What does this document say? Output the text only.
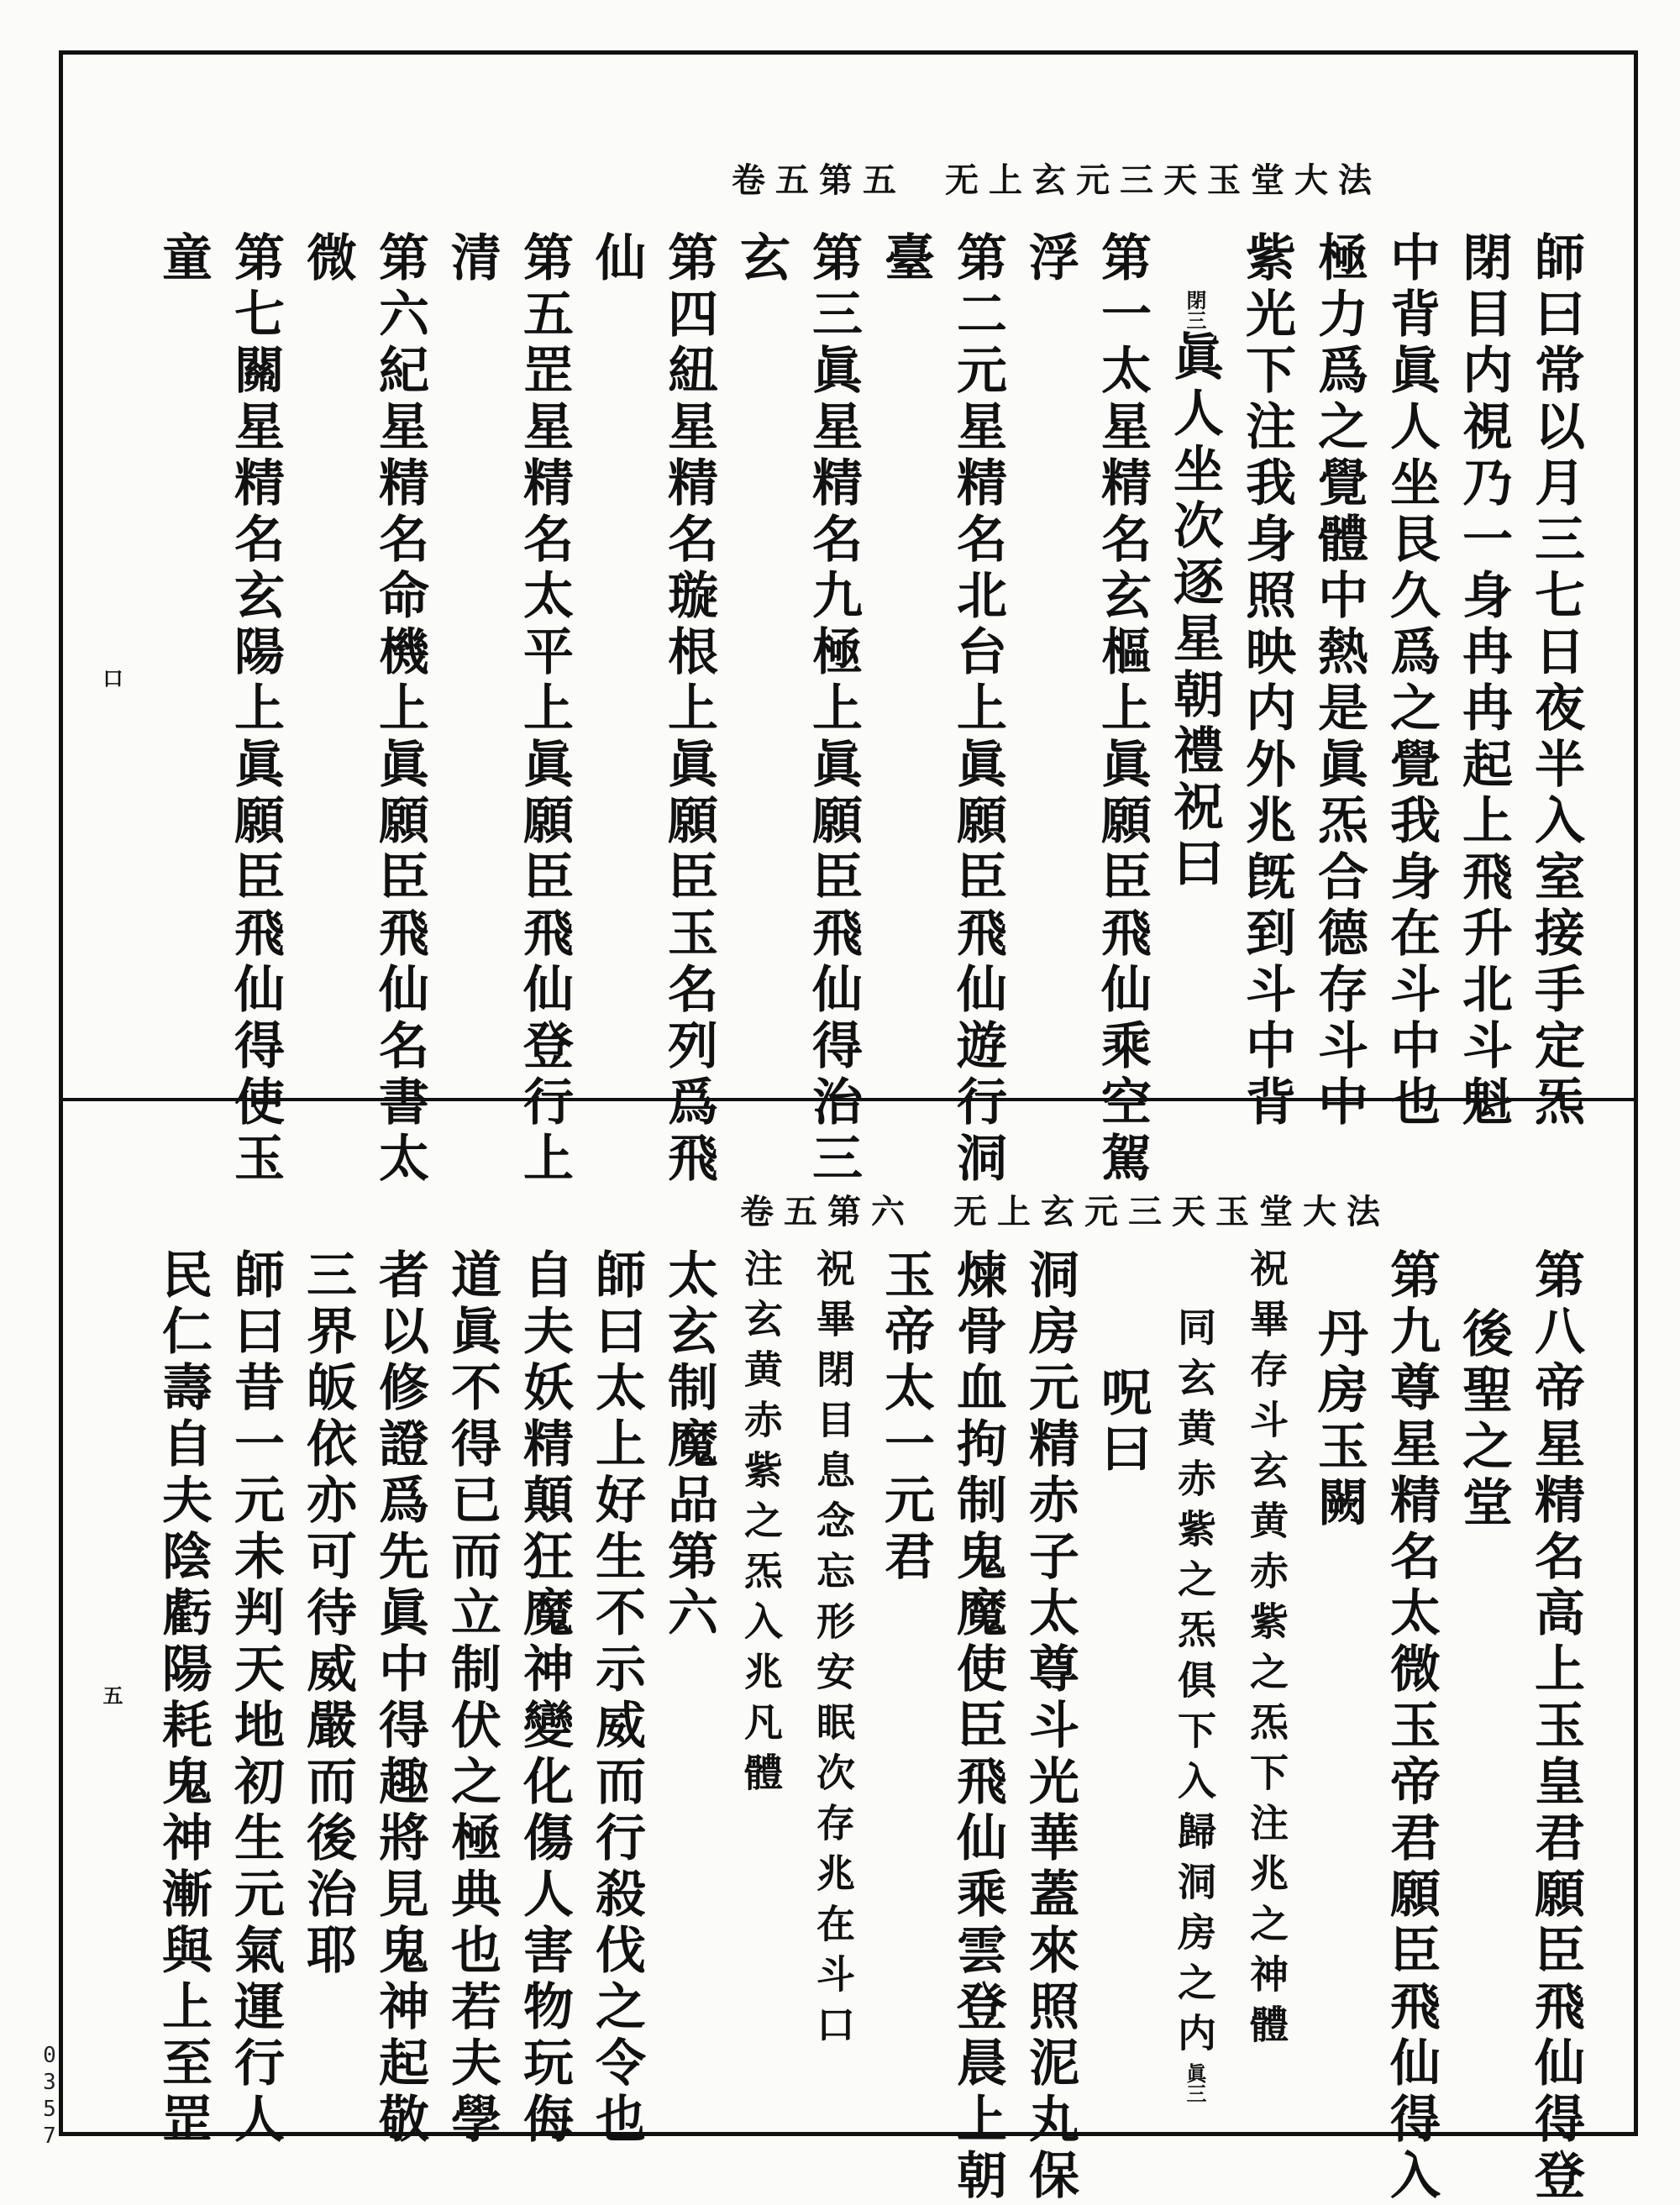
无上玄元三天玉堂大法
卷五第五
師曰常以月三七日夜半入室接手定炁
閉目内視乃一身冉冉起上飛升北斗魁
中背眞人坐艮久爲之覺我身在斗中也
極力爲之覺體中熱是眞炁合德存斗中
紫光下注我身照映内外兆旣到斗中背
閉三眞人坐次逐星朝禮祝曰
第一太星精名玄樞上眞願臣飛仙乘空駕
浮
第二元星精名北台上眞願臣飛仙遊行洞
臺
第三眞星精名九極上眞願臣飛仙得治三
玄
第四紐星精名璇根上眞願臣玉名列爲飛
仙
第五罡星精名太平上眞願臣飛仙登行上
清
第六紀星精名命機上眞願臣飛仙名書太
微
第七關星精名玄陽上眞願臣飛仙得使玉
童
口
无上玄元三天玉堂大法
卷五第六
第八帝星精名高上玉皇君願臣飛仙得登
後聖之堂
第九尊星精名太微玉帝君願臣飛仙得入
丹房玉闕
祝畢存斗玄黄赤紫之炁下注兆之神體
同玄黄赤紫之炁俱下入歸洞房之内眞三
呪曰
洞房元精赤子太尊斗光華蓋來照泥丸保
煉骨血拘制鬼魔使臣飛仙乘雲登晨上朝
玉帝太一元君
祝畢閉目息念忘形安眠次存兆在斗口
注玄黄赤紫之炁入兆凡體
太玄制魔品第六
師曰太上好生不示威而行殺伐之令也
自夫妖精顛狂魔神變化傷人害物玩侮
道眞不得已而立制伏之極典也若夫學
者以修證爲先眞中得趣將見鬼神起敬
三界皈依亦可待威嚴而後治耶
師曰昔一元未判天地初生元氣運行人
民仁壽自夫陰虧陽耗鬼神漸與上至罡
五
0357
